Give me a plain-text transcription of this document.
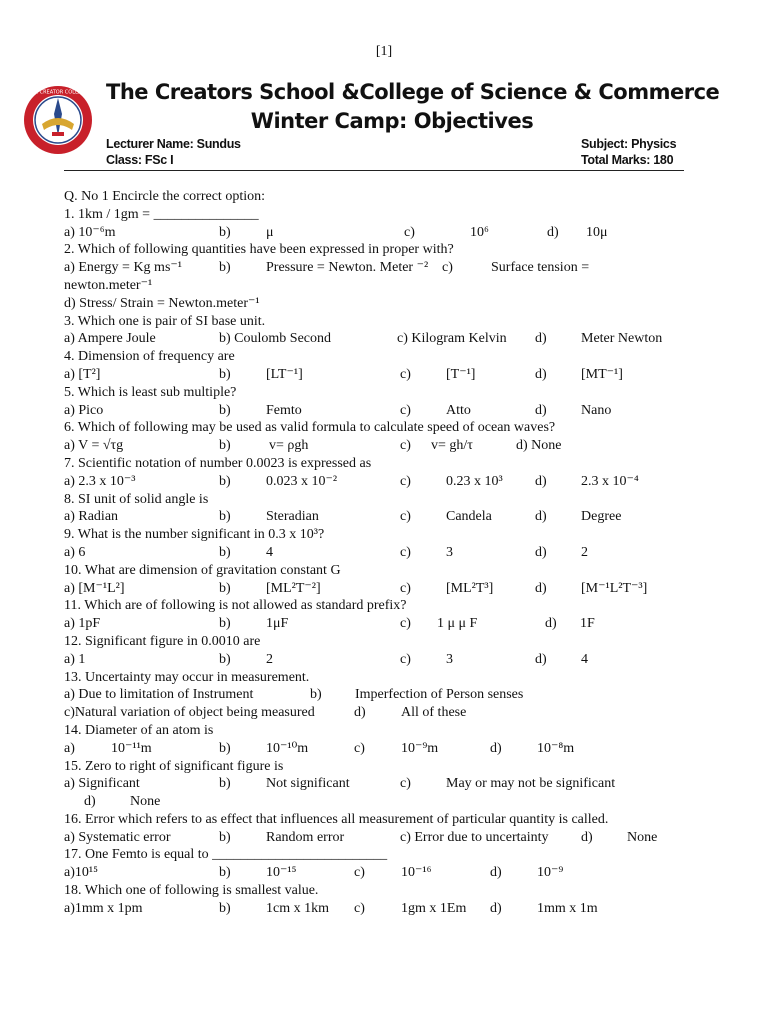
[1]
THE CREATOR COLLEGE The Creators School &College of Science & Commerce
Winter Camp: Objectives
Lecturer Name: Sundus
Class: FSc I
Subject: Physics
Total Marks: 180
Q. No 1 Encircle the correct option:
1. 1km / 1gm = _______________
a) 10⁻⁶m	b)	μ	c)	10⁶	d) 10μ
2. Which of following quantities have been expressed in proper with?
a) Energy = Kg ms⁻¹	b)	Pressure = Newton. Meter ⁻² c)	Surface tension =
newton.meter⁻¹
d) Stress/ Strain = Newton.meter⁻¹
3. Which one is pair of SI base unit.
a) Ampere Joule	b) Coulomb Second	c) Kilogram Kelvin d) Meter Newton
4. Dimension of frequency are
a) [T²]	b)	[LT⁻¹]	c)	[T⁻¹]	d) [MT⁻¹]
5. Which is least sub multiple?
a) Pico	b)	Femto	c)	Atto	d) Nano
6. Which of following may be used as valid formula to calculate speed of ocean waves?
a) V = √τg	b)	v= ρgh	c) v= gh/τ	d) None
7. Scientific notation of number 0.0023 is expressed as
a) 2.3 x 10⁻³	b)	0.023 x 10⁻²	c)	0.23 x 10³ d) 2.3 x 10⁻⁴
8. SI unit of solid angle is
a) Radian	b)	Steradian	c)	Candela	d) Degree
9. What is the number significant in 0.3 x 10³?
a) 6	b)	4	c)	3	d) 2
10. What are dimension of gravitation constant G
a) [M⁻¹L²]	b)	[ML²T⁻²]	c)	[ML²T³]	d) [M⁻¹L²T⁻³]
11. Which are of following is not allowed as standard prefix?
a) 1pF	b)	1μF	c) 1 μ μ F	d) 1F
12. Significant figure in 0.0010 are
a) 1	b)	2	c)	3	d) 4
13. Uncertainty may occur in measurement.
a) Due to limitation of Instrument	b) Imperfection of Person senses
c)Natural variation of object being measured	d)	All of these
14. Diameter of an atom is
a)	10⁻¹¹m	b)	10⁻¹⁰m	c)	10⁻⁹m	d)	10⁻⁸m
15. Zero to right of significant figure is
a) Significant	b)	Not significant	c)	May or may not be significant
d) None
16. Error which refers to as effect that influences all measurement of particular quantity is called.
a) Systematic error	b)	Random error	c) Error due to uncertainty d) None
17. One Femto is equal to _________________________
a)10¹⁵	b)	10⁻¹⁵	c)	10⁻¹⁶	d)	10⁻⁹
18. Which one of following is smallest value.
a)1mm x 1pm	b)	1cm x 1km c)	1gm x 1Em d)	1mm x 1m
